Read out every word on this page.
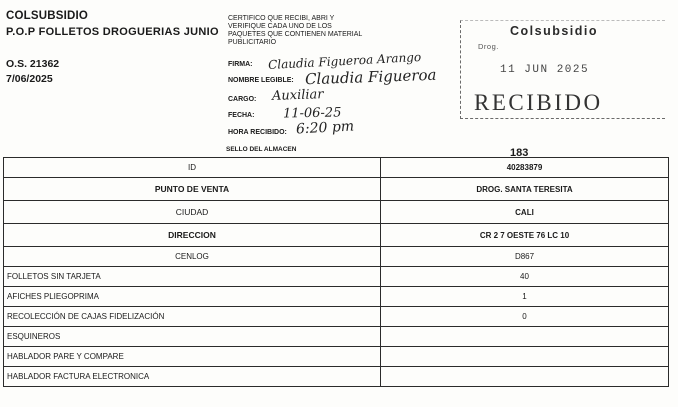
COLSUBSIDIO
P.O.P FOLLETOS DROGUERIAS JUNIO
O.S. 21362
7/06/2025
CERTIFICO QUE RECIBI, ABRI Y VERIFIQUE CADA UNO DE LOS PAQUETES QUE CONTIENEN MATERIAL PUBLICITARIO
FIRMA: Claudia Figueroa Arango
NOMBRE LEGIBLE: Claudia Figueroa
CARGO: Auxiliar
FECHA: 11-06-25
HORA RECIBIDO: 6:20 pm
Colsubsidio
Drog.
11 JUN 2025
RECIBIDO
SELLO DEL ALMACEN	183
ID	40283879
PUNTO DE VENTA	DROG. SANTA TERESITA
CIUDAD	CALI
DIRECCION	CR 2 7 OESTE 76 LC 10
CENLOG	D867
FOLLETOS SIN TARJETA	40
AFICHES PLIEGOPRIMA	1
RECOLECCIÓN DE CAJAS FIDELIZACIÓN	0
ESQUINEROS	
HABLADOR PARE Y COMPARE	
HABLADOR FACTURA ELECTRONICA	
